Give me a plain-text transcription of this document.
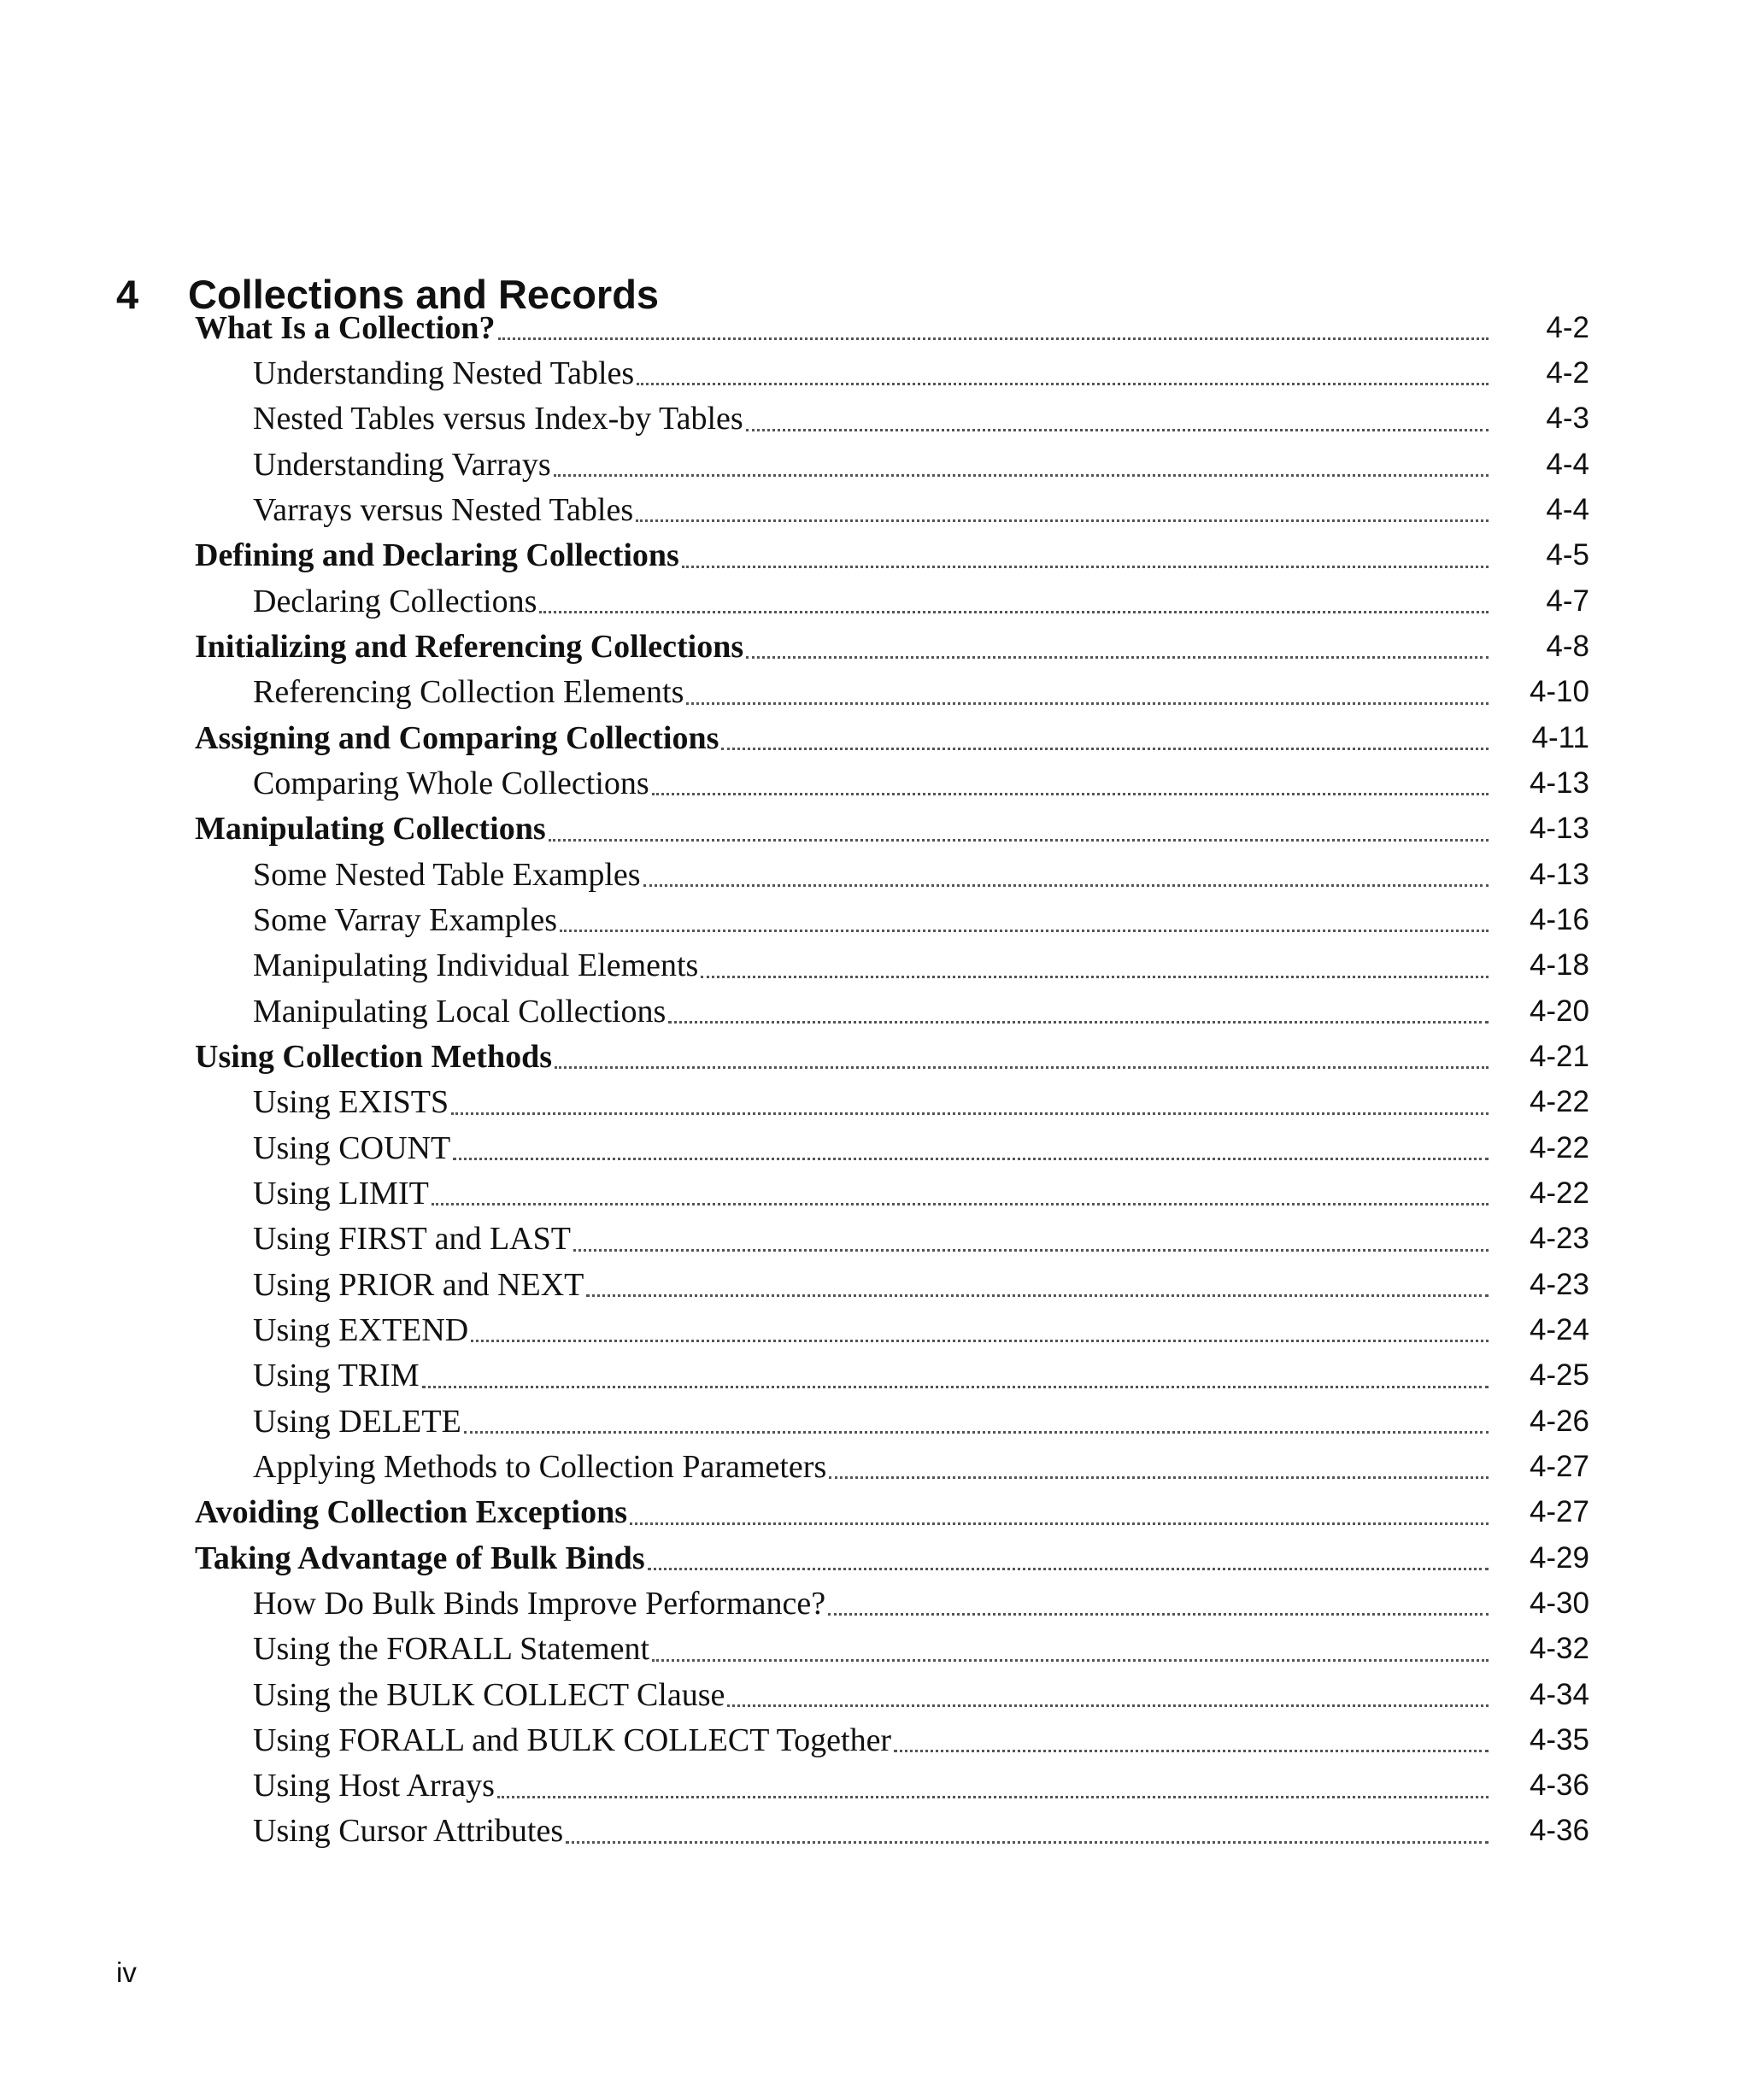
4	Collections and Records
What Is a Collection?	4-2
Understanding Nested Tables	4-2
Nested Tables versus Index-by Tables	4-3
Understanding Varrays	4-4
Varrays versus Nested Tables	4-4
Defining and Declaring Collections	4-5
Declaring Collections	4-7
Initializing and Referencing Collections	4-8
Referencing Collection Elements	4-10
Assigning and Comparing Collections	4-11
Comparing Whole Collections	4-13
Manipulating Collections	4-13
Some Nested Table Examples	4-13
Some Varray Examples	4-16
Manipulating Individual Elements	4-18
Manipulating Local Collections	4-20
Using Collection Methods	4-21
Using EXISTS	4-22
Using COUNT	4-22
Using LIMIT	4-22
Using FIRST and LAST	4-23
Using PRIOR and NEXT	4-23
Using EXTEND	4-24
Using TRIM	4-25
Using DELETE	4-26
Applying Methods to Collection Parameters	4-27
Avoiding Collection Exceptions	4-27
Taking Advantage of Bulk Binds	4-29
How Do Bulk Binds Improve Performance?	4-30
Using the FORALL Statement	4-32
Using the BULK COLLECT Clause	4-34
Using FORALL and BULK COLLECT Together	4-35
Using Host Arrays	4-36
Using Cursor Attributes	4-36
iv
